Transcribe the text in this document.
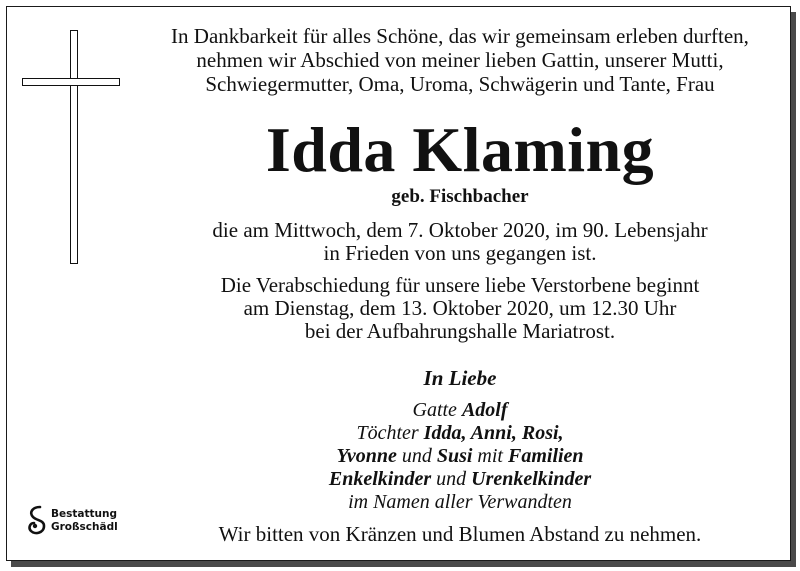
In Dankbarkeit für alles Schöne, das wir gemeinsam erleben durften,
nehmen wir Abschied von meiner lieben Gattin, unserer Mutti,
Schwiegermutter, Oma, Uroma, Schwägerin und Tante, Frau
Idda Klaming
geb. Fischbacher
die am Mittwoch, dem 7. Oktober 2020, im 90. Lebensjahr
in Frieden von uns gegangen ist.
Die Verabschiedung für unsere liebe Verstorbene beginnt
am Dienstag, dem 13. Oktober 2020, um 12.30 Uhr
bei der Aufbahrungshalle Mariatrost.
In Liebe
Gatte Adolf
Töchter Idda, Anni, Rosi,
Yvonne und Susi mit Familien
Enkelkinder und Urenkelkinder
im Namen aller Verwandten
Wir bitten von Kränzen und Blumen Abstand zu nehmen.
Bestattung
Großschädl
